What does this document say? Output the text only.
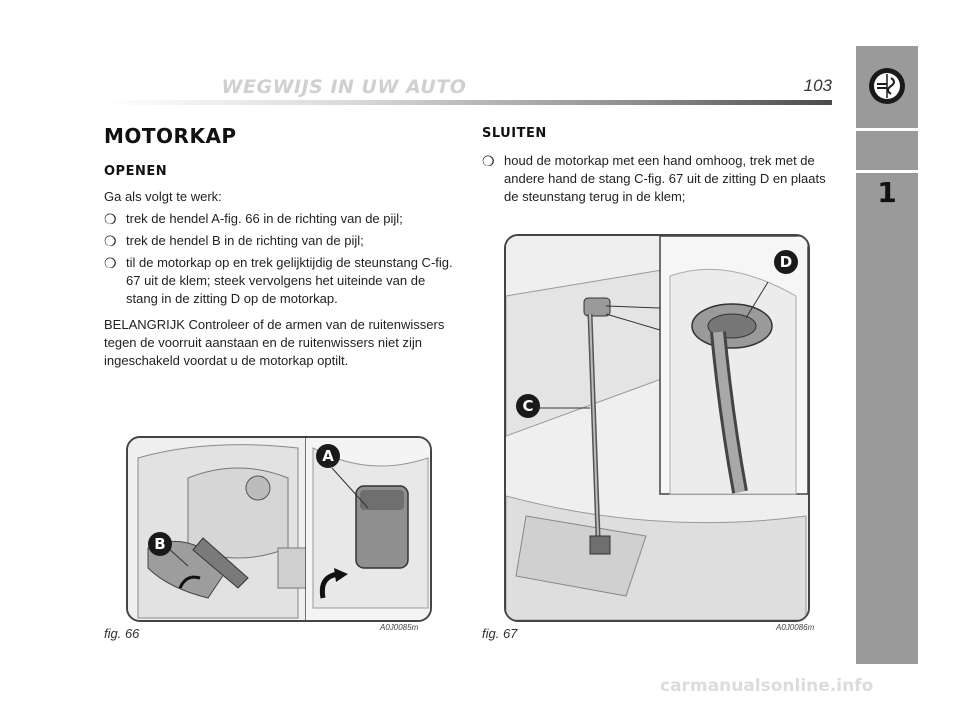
WEGWIJS IN UW AUTO	103
1
MOTORKAP
OPENEN
Ga als volgt te werk:
❍ trek de hendel A-fig. 66 in de richting van de pijl;
❍ trek de hendel B in de richting van de pijl;
❍ til de motorkap op en trek gelijktijdig de steunstang C-fig. 67 uit de klem; steek vervolgens het uiteinde van de stang in de zitting D op de motorkap.
BELANGRIJK Controleer of de armen van de ruitenwissers tegen de voorruit aanstaan en de ruitenwissers niet zijn ingeschakeld voordat u de motorkap optilt.
A
B
fig. 66	A0J0085m
SLUITEN
❍ houd de motorkap met een hand omhoog, trek met de andere hand de stang C-fig. 67 uit de zitting D en plaats de steunstang terug in de klem;
C
D
fig. 67	A0J0086m
carmanualsonline.info
